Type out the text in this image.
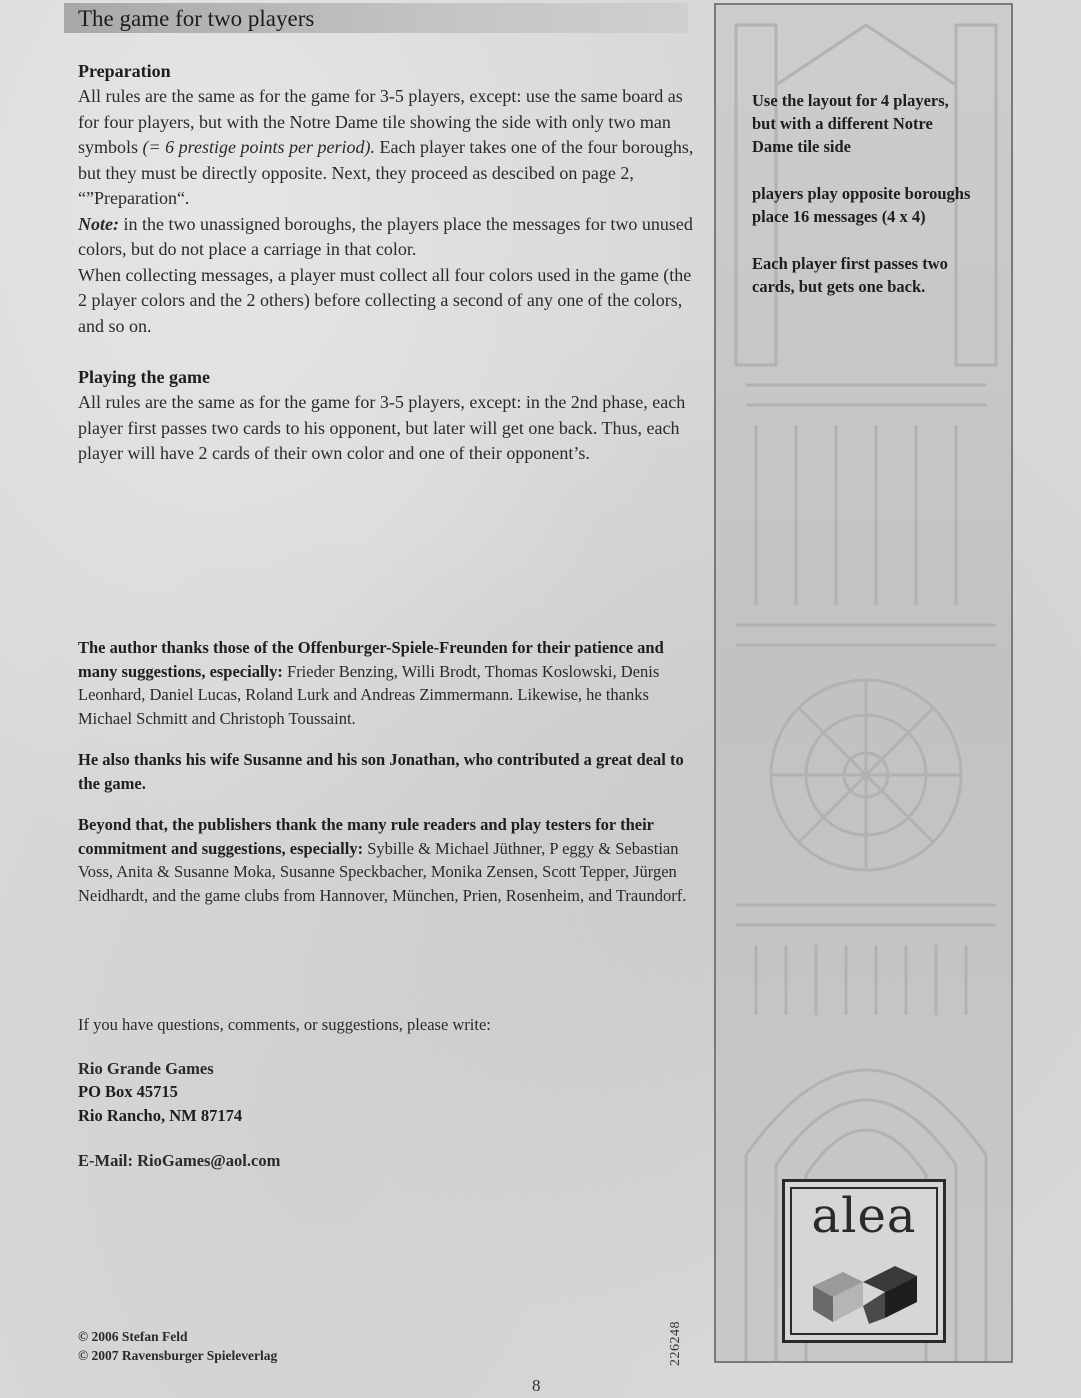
The game for two players
Preparation

All rules are the same as for the game for 3-5 players, except: use the same board as for four players, but with the Notre Dame tile showing the side with only two man symbols (= 6 prestige points per period). Each player takes one of the four boroughs, but they must be directly opposite. Next, they proceed as descibed on page 2, “”Preparation“.

Note: in the two unassigned boroughs, the players place the messages for two unused colors, but do not place a carriage in that color.

When collecting messages, a player must collect all four colors used in the game (the 2 player colors and the 2 others) before collecting a second of any one of the colors, and so on.

Playing the game

All rules are the same as for the game for 3-5 players, except: in the 2nd phase, each player first passes two cards to his opponent, but later will get one back. Thus, each player will have 2 cards of their own color and one of their opponent’s.

The author thanks those of the Offenburger-Spiele-Freunden for their patience and many suggestions, especially: Frieder Benzing, Willi Brodt, Thomas Koslowski, Denis Leonhard, Daniel Lucas, Roland Lurk and Andreas Zimmermann. Likewise, he thanks Michael Schmitt and Christoph Toussaint.

He also thanks his wife Susanne and his son Jonathan, who contributed a great deal to the game.

Beyond that, the publishers thank the many rule readers and play testers for their commitment and suggestions, especially: Sybille & Michael Jüthner, P eggy & Sebastian Voss, Anita & Susanne Moka, Susanne Speckbacher, Monika Zensen, Scott Tepper, Jürgen Neidhardt, and the game clubs from Hannover, München, Prien, Rosenheim, and Traundorf.

If you have questions, comments, or suggestions, please write:

Rio Grande Games

PO Box 45715

Rio Rancho, NM 87174

E-Mail: RioGames@aol.com

© 2006 Stefan Feld
© 2007 Ravensburger Spieleverlag	226248
8

Use the layout for 4 players,
but with a different Notre
Dame tile side

players play opposite boroughs
place 16 messages (4 x 4)

Each player first passes two
cards, but gets one back.

alea
